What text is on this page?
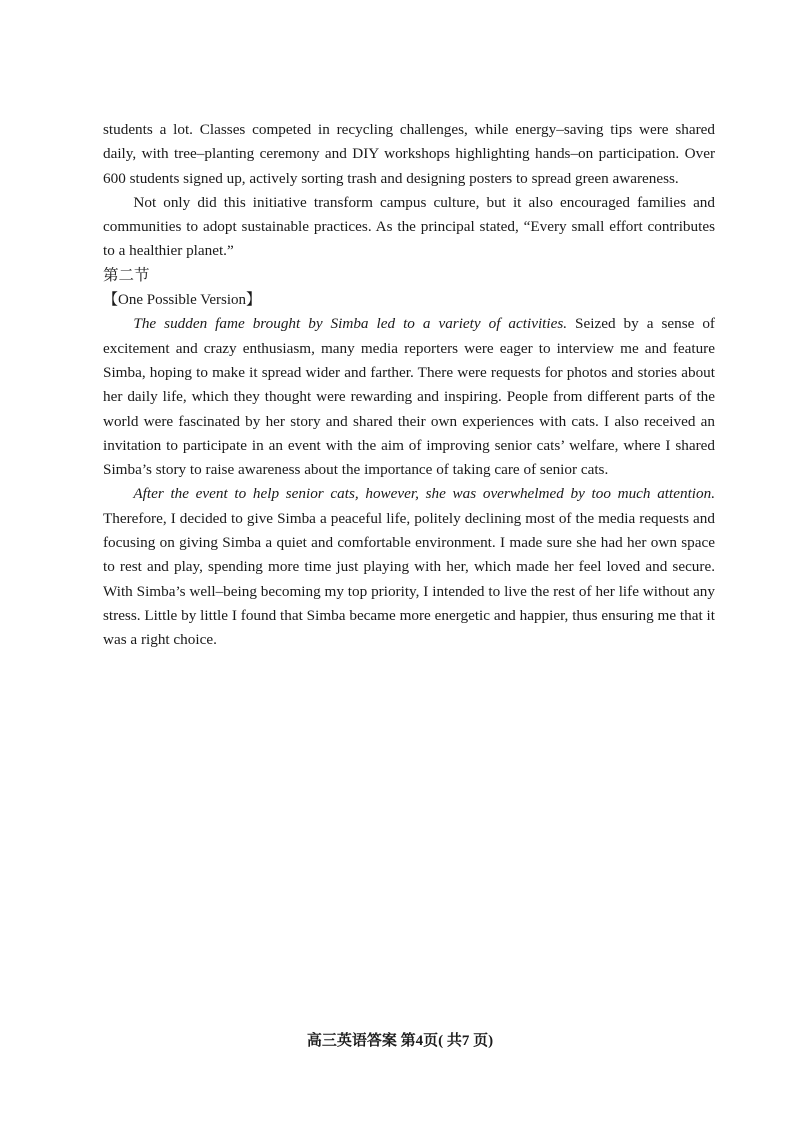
students a lot. Classes competed in recycling challenges, while energy–saving tips were shared daily, with tree–planting ceremony and DIY workshops highlighting hands–on participation. Over 600 students signed up, actively sorting trash and designing posters to spread green awareness.

Not only did this initiative transform campus culture, but it also encouraged families and communities to adopt sustainable practices. As the principal stated, “Every small effort contributes to a healthier planet.”

第二节

【One Possible Version】

The sudden fame brought by Simba led to a variety of activities. Seized by a sense of excitement and crazy enthusiasm, many media reporters were eager to interview me and feature Simba, hoping to make it spread wider and farther. There were requests for photos and stories about her daily life, which they thought were rewarding and inspiring. People from different parts of the world were fascinated by her story and shared their own experiences with cats. I also received an invitation to participate in an event with the aim of improving senior cats’ welfare, where I shared Simba’s story to raise awareness about the importance of taking care of senior cats.

After the event to help senior cats, however, she was overwhelmed by too much attention. Therefore, I decided to give Simba a peaceful life, politely declining most of the media requests and focusing on giving Simba a quiet and comfortable environment. I made sure she had her own space to rest and play, spending more time just playing with her, which made her feel loved and secure. With Simba’s well–being becoming my top priority, I intended to live the rest of her life without any stress. Little by little I found that Simba became more energetic and happier, thus ensuring me that it was a right choice.

高三英语答案 第4页( 共7 页)
